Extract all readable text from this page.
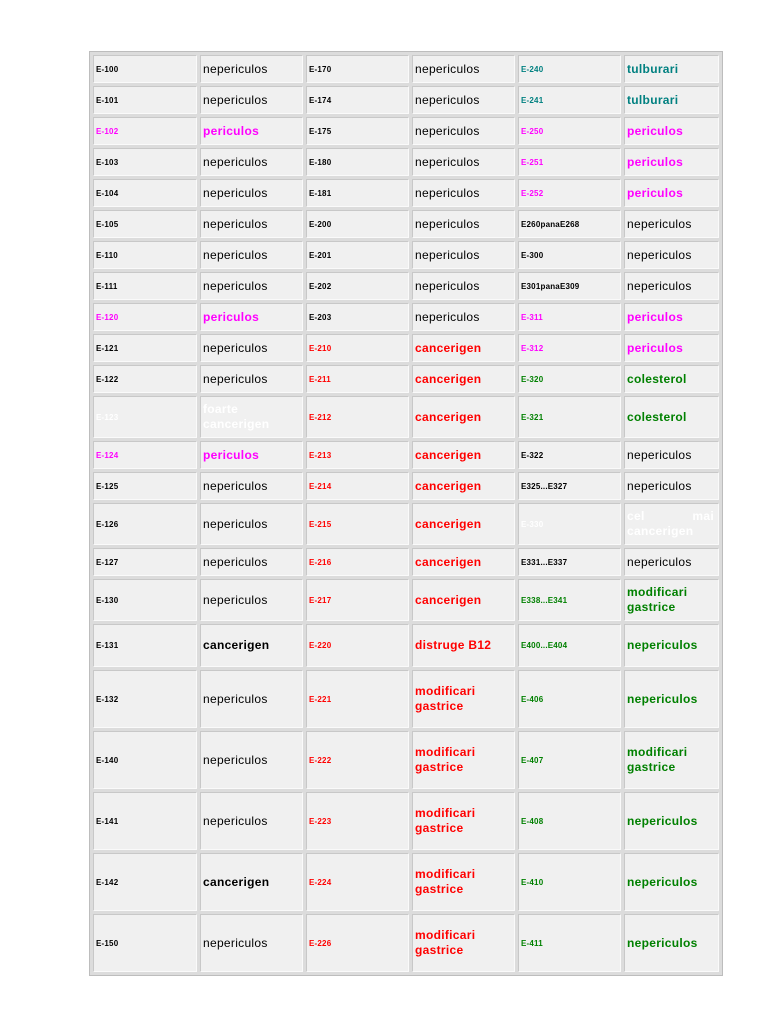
E-100	nepericulos	E-170	nepericulos	E-240	tulburari
E-101	nepericulos	E-174	nepericulos	E-241	tulburari
E-102	periculos	E-175	nepericulos	E-250	periculos
E-103	nepericulos	E-180	nepericulos	E-251	periculos
E-104	nepericulos	E-181	nepericulos	E-252	periculos
E-105	nepericulos	E-200	nepericulos	E260panaE268	nepericulos
E-110	nepericulos	E-201	nepericulos	E-300	nepericulos
E-111	nepericulos	E-202	nepericulos	E301panaE309	nepericulos
E-120	periculos	E-203	nepericulos	E-311	periculos
E-121	nepericulos	E-210	cancerigen	E-312	periculos
E-122	nepericulos	E-211	cancerigen	E-320	colesterol
E-123	foarte cancerigen	E-212	cancerigen	E-321	colesterol
E-124	periculos	E-213	cancerigen	E-322	nepericulos
E-125	nepericulos	E-214	cancerigen	E325...E327	nepericulos
E-126	nepericulos	E-215	cancerigen	E-330	cel mai cancerigen
E-127	nepericulos	E-216	cancerigen	E331...E337	nepericulos
E-130	nepericulos	E-217	cancerigen	E338...E341	modificari gastrice
E-131	cancerigen	E-220	distruge B12	E400...E404	nepericulos
E-132	nepericulos	E-221	modificari gastrice	E-406	nepericulos
E-140	nepericulos	E-222	modificari gastrice	E-407	modificari gastrice
E-141	nepericulos	E-223	modificari gastrice	E-408	nepericulos
E-142	cancerigen	E-224	modificari gastrice	E-410	nepericulos
E-150	nepericulos	E-226	modificari gastrice	E-411	nepericulos
